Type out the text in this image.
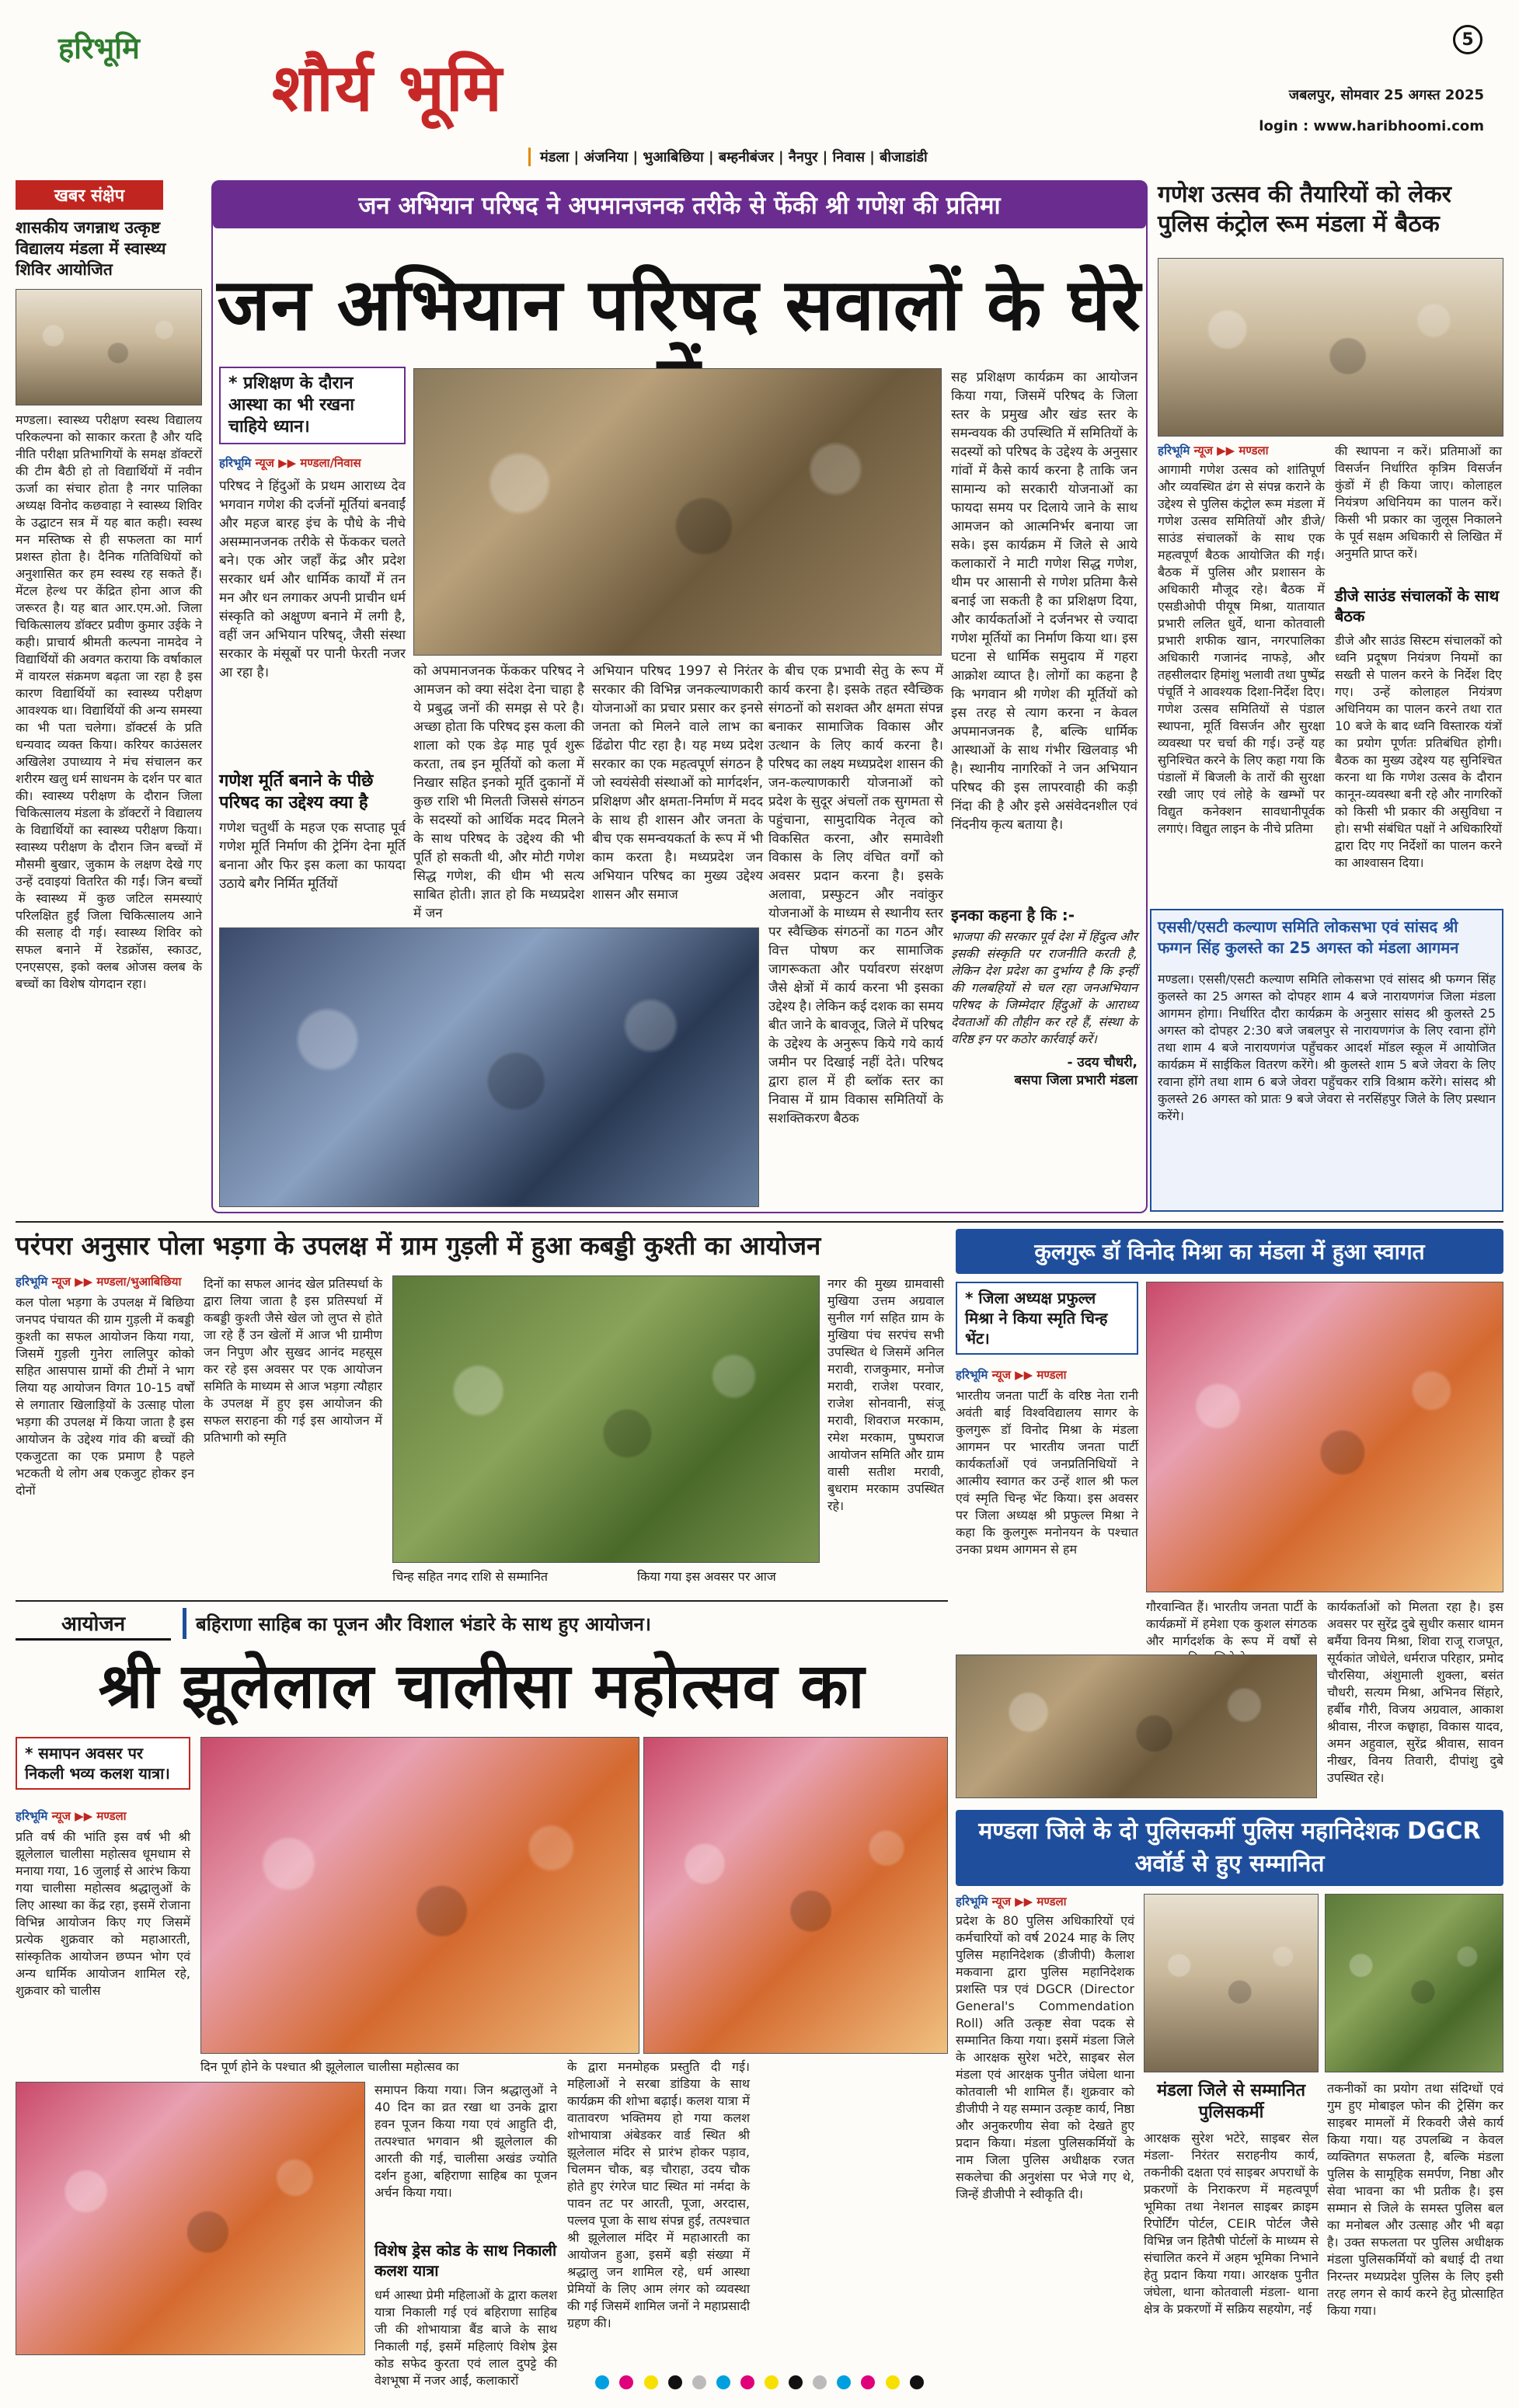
हरिभूमि
शौर्य भूमि
5
जबलपुर, सोमवार 25 अगस्त 2025
login : www.haribhoomi.com
मंडला | अंजनिया | भुआबिछिया | बम्हनीबंजर | नैनपुर | निवास | बीजाडांडी
खबर संक्षेप
शासकीय जगन्नाथ उत्कृष्ट विद्यालय मंडला में स्वास्थ्य शिविर आयोजित
मण्डला। स्वास्थ्य परीक्षण स्वस्थ विद्यालय परिकल्पना को साकार करता है और यदि नीति परीक्षा प्रतिभागियों के समक्ष डॉक्टरों की टीम बैठी हो तो विद्यार्थियों में नवीन ऊर्जा का संचार होता है नगर पालिका अध्यक्ष विनोद कछवाहा ने स्वास्थ्य शिविर के उद्घाटन सत्र में यह बात कही। स्वस्थ मन मस्तिष्क से ही सफलता का मार्ग प्रशस्त होता है। दैनिक गतिविधियों को अनुशासित कर हम स्वस्थ रह सकते हैं। मेंटल हेल्थ पर केंद्रित होना आज की जरूरत है। यह बात आर.एम.ओ. जिला चिकित्सालय डॉक्टर प्रवीण कुमार उईके ने कही। प्राचार्य श्रीमती कल्पना नामदेव ने विद्यार्थियों की अवगत कराया कि वर्षाकाल में वायरल संक्रमण बढ़ता जा रहा है इस कारण विद्यार्थियों का स्वास्थ्य परीक्षण आवश्यक था। विद्यार्थियों की अन्य समस्या का भी पता चलेगा। डॉक्टर्स के प्रति धन्यवाद व्यक्त किया। करियर काउंसलर अखिलेश उपाध्याय ने मंच संचालन कर शरीरम खलु धर्म साधनम के दर्शन पर बात की। स्वास्थ्य परीक्षण के दौरान जिला चिकित्सालय मंडला के डॉक्टरों ने विद्यालय के विद्यार्थियों का स्वास्थ्य परीक्षण किया। स्वास्थ्य परीक्षण के दौरान जिन बच्चों में मौसमी बुखार, जुकाम के लक्षण देखे गए उन्हें दवाइयां वितरित की गईं। जिन बच्चों के स्वास्थ्य में कुछ जटिल समस्याएं परिलक्षित हुईं जिला चिकित्सालय आने की सलाह दी गई। स्वास्थ्य शिविर को सफल बनाने में रेडक्रॉस, स्काउट, एनएसएस, इको क्लब ओजस क्लब के बच्चों का विशेष योगदान रहा।
जन अभियान परिषद ने अपमानजनक तरीके से फेंकी श्री गणेश की प्रतिमा
जन अभियान परिषद सवालों के घेरे
* प्रशिक्षण के दौरान आस्था का भी रखना चाहिये ध्यान।
हरिभूमि न्यूज ▶▶ मण्डला/निवास
परिषद ने हिंदुओं के प्रथम आराध्य देव भगवान गणेश की दर्जनों मूर्तियां बनवाईं और महज बारह इंच के पौधे के नीचे असम्मानजनक तरीके से फेंककर चलते बने। एक ओर जहाँ केंद्र और प्रदेश सरकार धर्म और धार्मिक कार्यों में तन मन और धन लगाकर अपनी प्राचीन धर्म संस्कृति को अक्षुण्ण बनाने में लगी है, वहीं जन अभियान परिषद्, जैसी संस्था सरकार के मंसूबों पर पानी फेरती नजर आ रहा है।
गणेश मूर्ति बनाने के पीछे परिषद का उद्देश्य क्या है
गणेश चतुर्थी के महज एक सप्ताह पूर्व गणेश मूर्ति निर्माण की ट्रेनिंग देना मूर्ति बनाना और फिर इस कला का फायदा उठाये बगैर निर्मित मूर्तियों
को अपमानजनक फेंककर परिषद ने आमजन को क्या संदेश देना चाहा है ये प्रबुद्ध जनों की समझ से परे है। अच्छा होता कि परिषद इस कला की शाला को एक डेढ़ माह पूर्व शुरू करता, तब इन मूर्तियों को कला में निखार सहित इनको मूर्ति दुकानों में कुछ राशि भी मिलती जिससे संगठन के सदस्यों को आर्थिक मदद मिलने के साथ परिषद के उद्देश्य की भी पूर्ति हो सकती थी, और मोटी गणेश सिद्ध गणेश, की धीम भी सत्य साबित होती। ज्ञात हो कि मध्यप्रदेश में जन
अभियान परिषद 1997 से निरंतर सरकार की विभिन्न जनकल्याणकारी योजनाओं का प्रचार प्रसार कर इनसे जनता को मिलने वाले लाभ का ढिंढोरा पीट रहा है। यह मध्य प्रदेश सरकार का एक महत्वपूर्ण संगठन है जो स्वयंसेवी संस्थाओं को मार्गदर्शन, प्रशिक्षण और क्षमता-निर्माण में मदद के साथ ही शासन और जनता के बीच एक समन्वयकर्ता के रूप में भी काम करता है। मध्यप्रदेश जन अभियान परिषद का मुख्य उद्देश्य शासन और समाज
के बीच एक प्रभावी सेतु के रूप में कार्य करना है। इसके तहत स्वैच्छिक संगठनों को सशक्त और क्षमता संपन्न बनाकर सामाजिक विकास और उत्थान के लिए कार्य करना है। परिषद का लक्ष्य मध्यप्रदेश शासन की जन-कल्याणकारी योजनाओं को प्रदेश के सुदूर अंचलों तक सुगमता से पहुंचाना, सामुदायिक नेतृत्व को विकसित करना, और समावेशी विकास के लिए वंचित वर्गों को अवसर प्रदान करना है। इसके अलावा, प्रस्फुटन और नवांकुर योजनाओं के माध्यम से स्थानीय स्तर पर स्वैच्छिक संगठनों का गठन और वित्त पोषण कर सामाजिक जागरूकता और पर्यावरण संरक्षण जैसे क्षेत्रों में कार्य करना भी इसका उद्देश्य है। लेकिन कई दशक का समय बीत जाने के बावजूद, जिले में परिषद के उद्देश्य के अनुरूप किये गये कार्य जमीन पर दिखाई नहीं देते। परिषद द्वारा हाल में ही ब्लॉक स्तर का निवास में ग्राम विकास समितियों के सशक्तिकरण बैठक
सह प्रशिक्षण कार्यक्रम का आयोजन किया गया, जिसमें परिषद के जिला स्तर के प्रमुख और खंड स्तर के समन्वयक की उपस्थिति में समितियों के सदस्यों को परिषद के उद्देश्य के अनुसार गांवों में कैसे कार्य करना है ताकि जन सामान्य को सरकारी योजनाओं का फायदा समय पर दिलाये जाने के साथ आमजन को आत्मनिर्भर बनाया जा सके। इस कार्यक्रम में जिले से आये कलाकारों ने माटी गणेश सिद्ध गणेश, थीम पर आसानी से गणेश प्रतिमा कैसे बनाई जा सकती है का प्रशिक्षण दिया, और कार्यकर्ताओं ने दर्जनभर से ज्यादा गणेश मूर्तियों का निर्माण किया था। इस घटना से धार्मिक समुदाय में गहरा आक्रोश व्याप्त है। लोगों का कहना है कि भगवान श्री गणेश की मूर्तियों को इस तरह से त्याग करना न केवल अपमानजनक है, बल्कि धार्मिक आस्थाओं के साथ गंभीर खिलवाड़ भी है। स्थानीय नागरिकों ने जन अभियान परिषद की इस लापरवाही की कड़ी निंदा की है और इसे असंवेदनशील एवं निंदनीय कृत्य बताया है।
इनका कहना है कि :-
भाजपा की सरकार पूर्व देश में हिंदुत्व और इसकी संस्कृति पर राजनीति करती है, लेकिन देश प्रदेश का दुर्भाग्य है कि इन्हीं की गलबहियों से चल रहा जनअभियान परिषद के जिम्मेदार हिंदुओं के आराध्य देवताओं की तौहीन कर रहे हैं, संस्था के वरिष्ठ इन पर कठोर कार्रवाई करें।
- उदय चौधरी,
बसपा जिला प्रभारी मंडला
गणेश उत्सव की तैयारियों को लेकर पुलिस कंट्रोल रूम मंडला में बैठक
हरिभूमि न्यूज ▶▶ मण्डला
आगामी गणेश उत्सव को शांतिपूर्ण और व्यवस्थित ढंग से संपन्न कराने के उद्देश्य से पुलिस कंट्रोल रूम मंडला में गणेश उत्सव समितियों और डीजे/साउंड संचालकों के साथ एक महत्वपूर्ण बैठक आयोजित की गई। बैठक में पुलिस और प्रशासन के अधिकारी मौजूद रहे। बैठक में एसडीओपी पीयूष मिश्रा, यातायात प्रभारी ललित धुर्वे, थाना कोतवाली प्रभारी शफीक खान, नगरपालिका अधिकारी गजानंद नाफड़े, और तहसीलदार हिमांशु भलावी तथा पुष्पेंद्र पंचूर्ति ने आवश्यक दिशा-निर्देश दिए। गणेश उत्सव समितियों से पंडाल स्थापना, मूर्ति विसर्जन और सुरक्षा व्यवस्था पर चर्चा की गई। उन्हें यह सुनिश्चित करने के लिए कहा गया कि पंडालों में बिजली के तारों की सुरक्षा रखी जाए एवं लोहे के खम्भों पर विद्युत कनेक्शन सावधानीपूर्वक लगाएं। विद्युत लाइन के नीचे प्रतिमा
की स्थापना न करें। प्रतिमाओं का विसर्जन निर्धारित कृत्रिम विसर्जन कुंडों में ही किया जाए। कोलाहल नियंत्रण अधिनियम का पालन करें। किसी भी प्रकार का जुलूस निकालने के पूर्व सक्षम अधिकारी से लिखित में अनुमति प्राप्त करें।
डीजे साउंड संचालकों के साथ बैठक
डीजे और साउंड सिस्टम संचालकों को ध्वनि प्रदूषण नियंत्रण नियमों का सख्ती से पालन करने के निर्देश दिए गए। उन्हें कोलाहल नियंत्रण अधिनियम का पालन करने तथा रात 10 बजे के बाद ध्वनि विस्तारक यंत्रों का प्रयोग पूर्णतः प्रतिबंधित होगी। बैठक का मुख्य उद्देश्य यह सुनिश्चित करना था कि गणेश उत्सव के दौरान कानून-व्यवस्था बनी रहे और नागरिकों को किसी भी प्रकार की असुविधा न हो। सभी संबंधित पक्षों ने अधिकारियों द्वारा दिए गए निर्देशों का पालन करने का आश्वासन दिया।
एससी/एसटी कल्याण समिति लोकसभा एवं सांसद श्री फग्गन सिंह कुलस्ते का 25 अगस्त को मंडला आगमन
मण्डला। एससी/एसटी कल्याण समिति लोकसभा एवं सांसद श्री फग्गन सिंह कुलस्ते का 25 अगस्त को दोपहर शाम 4 बजे नारायणगंज जिला मंडला आगमन होगा। निर्धारित दौरा कार्यक्रम के अनुसार सांसद श्री कुलस्ते 25 अगस्त को दोपहर 2:30 बजे जबलपुर से नारायणगंज के लिए रवाना होंगे तथा शाम 4 बजे नारायणगंज पहुँचकर आदर्श मॉडल स्कूल में आयोजित कार्यक्रम में साईकिल वितरण करेंगे। श्री कुलस्ते शाम 5 बजे जेवरा के लिए रवाना होंगे तथा शाम 6 बजे जेवरा पहुँचकर रात्रि विश्राम करेंगे। सांसद श्री कुलस्ते 26 अगस्त को प्रातः 9 बजे जेवरा से नरसिंहपुर जिले के लिए प्रस्थान करेंगे।
परंपरा अनुसार पोला भड़गा के उपलक्ष में ग्राम गुड़ली में हुआ कबड्डी कुश्ती का आयोजन
हरिभूमि न्यूज ▶▶ मण्डला/भुआबिछिया
कल पोला भड़गा के उपलक्ष में बिछिया जनपद पंचायत की ग्राम गुड़ली में कबड्डी कुश्ती का सफल आयोजन किया गया, जिसमें गुड़ली गुनेरा लालिपुर कोको सहित आसपास ग्रामों की टीमों ने भाग लिया यह आयोजन विगत 10-15 वर्षों से लगातार खिलाड़ियों के उत्साह पोला भड़गा की उपलक्ष में किया जाता है इस आयोजन के उद्देश्य गांव की बच्चों की एकजुटता का एक प्रमाण है पहले भटकती थे लोग अब एकजुट होकर इन दोनों
दिनों का सफल आनंद खेल प्रतिस्पर्धा के द्वारा लिया जाता है इस प्रतिस्पर्धा में कबड्डी कुश्ती जैसे खेल जो लुप्त से होते जा रहे हैं उन खेलों में आज भी ग्रामीण जन निपुण और सुखद आनंद महसूस कर रहे इस अवसर पर एक आयोजन समिति के माध्यम से आज भड़गा त्यौहार के उपलक्ष में हुए इस आयोजन की सफल सराहना की गई इस आयोजन में प्रतिभागी को स्मृति
चिन्ह सहित नगद राशि से सम्मानित	किया गया इस अवसर पर आज
नगर की मुख्य ग्रामवासी मुखिया उत्तम अग्रवाल सुनील गर्ग सहित ग्राम के मुखिया पंच सरपंच सभी उपस्थित थे जिसमें अनिल मरावी, राजकुमार, मनोज मरावी, राजेश परवार, राजेश सोनवानी, संजू मरावी, शिवराज मरकाम, रमेश मरकाम, पुष्पराज आयोजन समिति और ग्राम वासी सतीश मरावी, बुधराम मरकाम उपस्थित रहे।
कुलगुरू डॉ विनोद मिश्रा का मंडला में हुआ स्वागत
* जिला अध्यक्ष प्रफुल्ल मिश्रा ने किया स्मृति चिन्ह भेंट।
हरिभूमि न्यूज ▶▶ मण्डला
भारतीय जनता पार्टी के वरिष्ठ नेता रानी अवंती बाई विश्वविद्यालय सागर के कुलगुरू डॉ विनोद मिश्रा के मंडला आगमन पर भारतीय जनता पार्टी कार्यकर्ताओं एवं जनप्रतिनिधियों ने आत्मीय स्वागत कर उन्हें शाल श्री फल एवं स्मृति चिन्ह भेंट किया। इस अवसर पर जिला अध्यक्ष श्री प्रफुल्ल मिश्रा ने कहा कि कुलगुरू मनोनयन के पश्चात उनका प्रथम आगमन से हम
गौरवान्वित हैं। भारतीय जनता पार्टी के कार्यक्रमों में हमेशा एक कुशल संगठक और मार्गदर्शक के रूप में वर्षों से
कार्यकर्ताओं को मिलता रहा है। इस अवसर पर सुरेंद्र दुबे सुधीर कसार थामन बर्मैया विनय मिश्रा, शिवा राजू राजपूत, सूर्यकांत जोधेले, धर्मराज परिहार, प्रमोद चौरसिया, अंशुमाली शुक्ला, बसंत चौधरी, सत्यम मिश्रा, अभिनव सिंहारे, हर्बीब गौरी, विजय अग्रवाल, आकाश श्रीवास, नीरज कछ्वाहा, विकास यादव, अमन अहुवाल, सुरेंद्र श्रीवास, सावन नीखर, विनय तिवारी, दीपांशु दुबे उपस्थित रहे।
आयोजन	बहिराणा साहिब का पूजन और विशाल भंडारे के साथ हुए आयोजन।
श्री झूलेलाल चालीसा महोत्सव का
* समापन अवसर पर निकली भव्य कलश यात्रा।
हरिभूमि न्यूज ▶▶ मण्डला
प्रति वर्ष की भांति इस वर्ष भी श्री झूलेलाल चालीसा महोत्सव धूमधाम से मनाया गया, 16 जुलाई से आरंभ किया गया चालीसा महोत्सव श्रद्धालुओं के लिए आस्था का केंद्र रहा, इसमें रोजाना विभिन्न आयोजन किए गए जिसमें प्रत्येक शुक्रवार को महाआरती, सांस्कृतिक आयोजन छप्पन भोग एवं अन्य धार्मिक आयोजन शामिल रहे, शुक्रवार को चालीस
दिन पूर्ण होने के पश्चात श्री झूलेलाल चालीसा महोत्सव का
समापन किया गया। जिन श्रद्धालुओं ने 40 दिन का व्रत रखा था उनके द्वारा हवन पूजन किया गया एवं आहुति दी, तत्पश्चात भगवान श्री झूलेलाल की आरती की गई, चालीसा अखंड ज्योति दर्शन हुआ, बहिराणा साहिब का पूजन अर्चन किया गया।
विशेष ड्रेस कोड के साथ निकाली कलश यात्रा
धर्म आस्था प्रेमी महिलाओं के द्वारा कलश यात्रा निकाली गई एवं बहिराणा साहिब जी की शोभायात्रा बैंड बाजे के साथ निकाली गई, इसमें महिलाएं विशेष ड्रेस कोड सफेद कुरता एवं लाल दुपट्टे की वेशभूषा में नजर आईं, कलाकारों
के द्वारा मनमोहक प्रस्तुति दी गई। महिलाओं ने सरबा डांडिया के साथ कार्यक्रम की शोभा बढ़ाई। कलश यात्रा में वातावरण भक्तिमय हो गया कलश शोभायात्रा अंबेडकर वार्ड स्थित श्री झूलेलाल मंदिर से प्रारंभ होकर पड़ाव, चिलमन चौक, बड़ चौराहा, उदय चौक होते हुए रंगरेज घाट स्थित मां नर्मदा के पावन तट पर आरती, पूजा, अरदास, पल्लव पूजा के साथ संपन्न हुई, तत्पश्चात श्री झूलेलाल मंदिर में महाआरती का आयोजन हुआ, इसमें बड़ी संख्या में श्रद्धालु जन शामिल रहे, धर्म आस्था प्रेमियों के लिए आम लंगर को व्यवस्था की गई जिसमें शामिल जनों ने महाप्रसादी ग्रहण की।
मण्डला जिले के दो पुलिसकर्मी पुलिस महानिदेशक DGCR अवॉर्ड से हुए सम्मानित
हरिभूमि न्यूज ▶▶ मण्डला
प्रदेश के 80 पुलिस अधिकारियों एवं कर्मचारियों को वर्ष 2024 माह के लिए पुलिस महानिदेशक (डीजीपी) कैलाश मकवाना द्वारा पुलिस महानिदेशक प्रशस्ति पत्र एवं DGCR (Director General's Commendation Roll) अति उत्कृष्ट सेवा पदक से सम्मानित किया गया। इसमें मंडला जिले के आरक्षक सुरेश भटेरे, साइबर सेल मंडला एवं आरक्षक पुनीत जंघेला थाना कोतवाली भी शामिल हैं। शुक्रवार को डीजीपी ने यह सम्मान उत्कृष्ट कार्य, निष्ठा और अनुकरणीय सेवा को देखते हुए प्रदान किया। मंडला पुलिसकर्मियों के नाम जिला पुलिस अधीक्षक रजत सकलेचा की अनुशंसा पर भेजे गए थे, जिन्हें डीजीपी ने स्वीकृति दी।
मंडला जिले से सम्मानित पुलिसकर्मी
आरक्षक सुरेश भटेरे, साइबर सेल मंडला- निरंतर सराहनीय कार्य, तकनीकी दक्षता एवं साइबर अपराधों के प्रकरणों के निराकरण में महत्वपूर्ण भूमिका तथा नेशनल साइबर क्राइम रिपोर्टिंग पोर्टल, CEIR पोर्टल जैसे विभिन्न जन हितैषी पोर्टलों के माध्यम से संचालित करने में अहम भूमिका निभाने हेतु प्रदान किया गया। आरक्षक पुनीत जंघेला, थाना कोतवाली मंडला- थाना क्षेत्र के प्रकरणों में सक्रिय सहयोग, नई
तकनीकों का प्रयोग तथा संदिग्धों एवं गुम हुए मोबाइल फोन की ट्रेसिंग कर साइबर मामलों में रिकवरी जैसे कार्य किया गया। यह उपलब्धि न केवल व्यक्तिगत सफलता है, बल्कि मंडला पुलिस के सामूहिक समर्पण, निष्ठा और सेवा भावना का भी प्रतीक है। इस सम्मान से जिले के समस्त पुलिस बल का मनोबल और उत्साह और भी बढ़ा है। उक्त सफलता पर पुलिस अधीक्षक मंडला पुलिसकर्मियों को बधाई दी तथा निरन्तर मध्यप्रदेश पुलिस के लिए इसी तरह लगन से कार्य करने हेतु प्रोत्साहित किया गया।
